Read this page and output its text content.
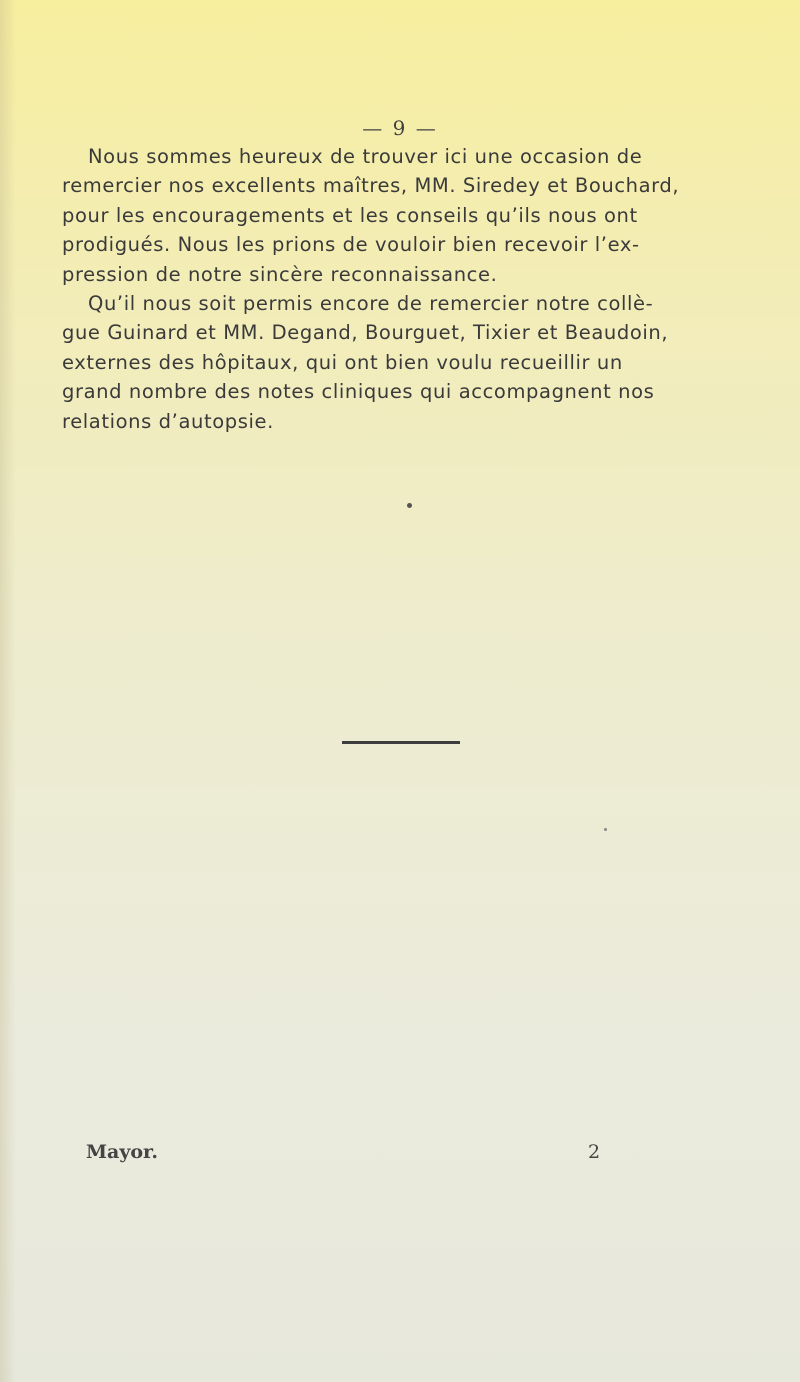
— 9 —
Nous sommes heureux de trouver ici une occasion de
remercier nos excellents maîtres, MM. Siredey et Bouchard,
pour les encouragements et les conseils qu’ils nous ont
prodigués. Nous les prions de vouloir bien recevoir l’ex-
pression de notre sincère reconnaissance.
Qu’il nous soit permis encore de remercier notre collè-
gue Guinard et MM. Degand, Bourguet, Tixier et Beaudoin,
externes des hôpitaux, qui ont bien voulu recueillir un
grand nombre des notes cliniques qui accompagnent nos
relations d’autopsie.
Mayor.	2
